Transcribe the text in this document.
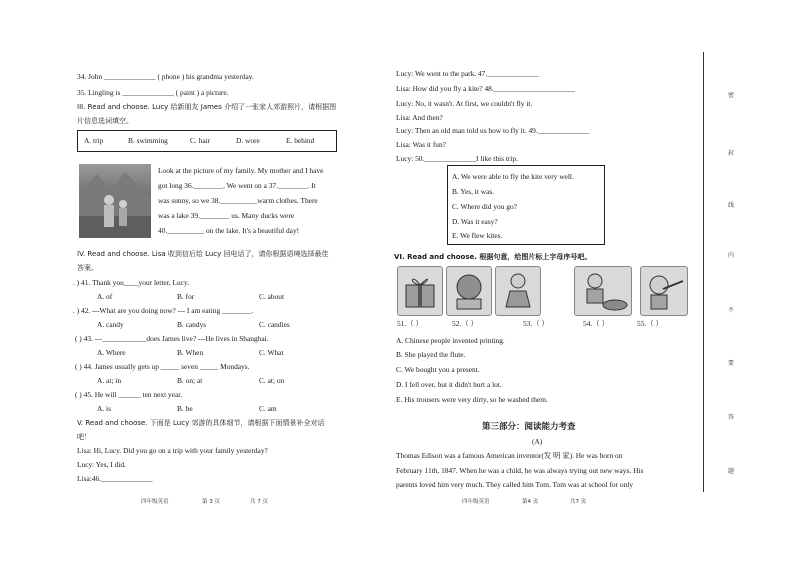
34. John ______________ ( phone ) his grandma yesterday.
35. Lingling is ______________ ( paint ) a picture.
III. Read and choose. Lucy 给新朋友 James 介绍了一张家人郊游照片，请根据图
片信息选词填空。
A. trip	B. swimming	C. hair	D. wore	E. behind
Look at the picture of my family. My mother and I have
got long 36.________. We went on a 37.________. It
was sunny, so we 38.__________warm clothes. There
was a lake 39.________ us. Many ducks were
40.__________ on the lake. It's a beautiful day!
IV. Read and choose. Lisa 收到信后给 Lucy 回电话了，请你根据语境选择最佳
答案。
. ) 41. Thank you____your letter, Lucy.
A. of	B. for	C. about
. ) 42. ---What are you doing now? --- I am eating ________.
A. candy	B. candys	C. candies
( ) 43. ---____________does James live? ---He lives in Shanghai.
A. Where	B. When	C. What
( ) 44. James usually gets up _____ seven _____ Mondays.
A. at; in	B. on; at	C. at; on
( ) 45. He will ______ ten next year.
A. is	B. be	C. am
V. Read and choose. 下面是 Lucy 郊游的具体细节，请根据下面情景补全对话
吧！
Lisa: Hi, Lucy. Did you go on a trip with your family yesterday?
Lucy: Yes, I did.
Lisa:46.______________
四年级英语	第 3 页	共 7 页
Lucy: We went to the park. 47.______________
Lisa: How did you fly a kite? 48.______________________
Lucy: No, it wasn't. At first, we couldn't fly it.
Lisa: And then?
Lucy: Then an old man told us how to fly it. 49.______________
Lisa: Was it fun?
Lucy: 50.______________I like this trip.
A. We were able to fly the kite very well.
B. Yes, it was.
C. Where did you go?
D. Was it easy?
E. We flew kites.
VI. Read and choose. 根据句意，给图片标上字母序号吧。
51.（ ）	52.（ ）	53.（ ）	54.（ ）	55.（ ）
A. Chinese people invented printing.
B. She played the flute.
C. We bought you a present.
D. I fell over, but it didn't hurt a lot.
E. His trousers were very dirty, so he washed them.
第三部分：阅读能力考查
(A)
Thomas Edison was a famous American inventor(发 明 家). He was born on
February 11th, 1847. When he was a child, he was always trying out new ways. His
parents loved him very much. They called him Tom. Tom was at school for only
四年级英语	第4 页	共7 页
密
封
线
内
不
要
答
题
